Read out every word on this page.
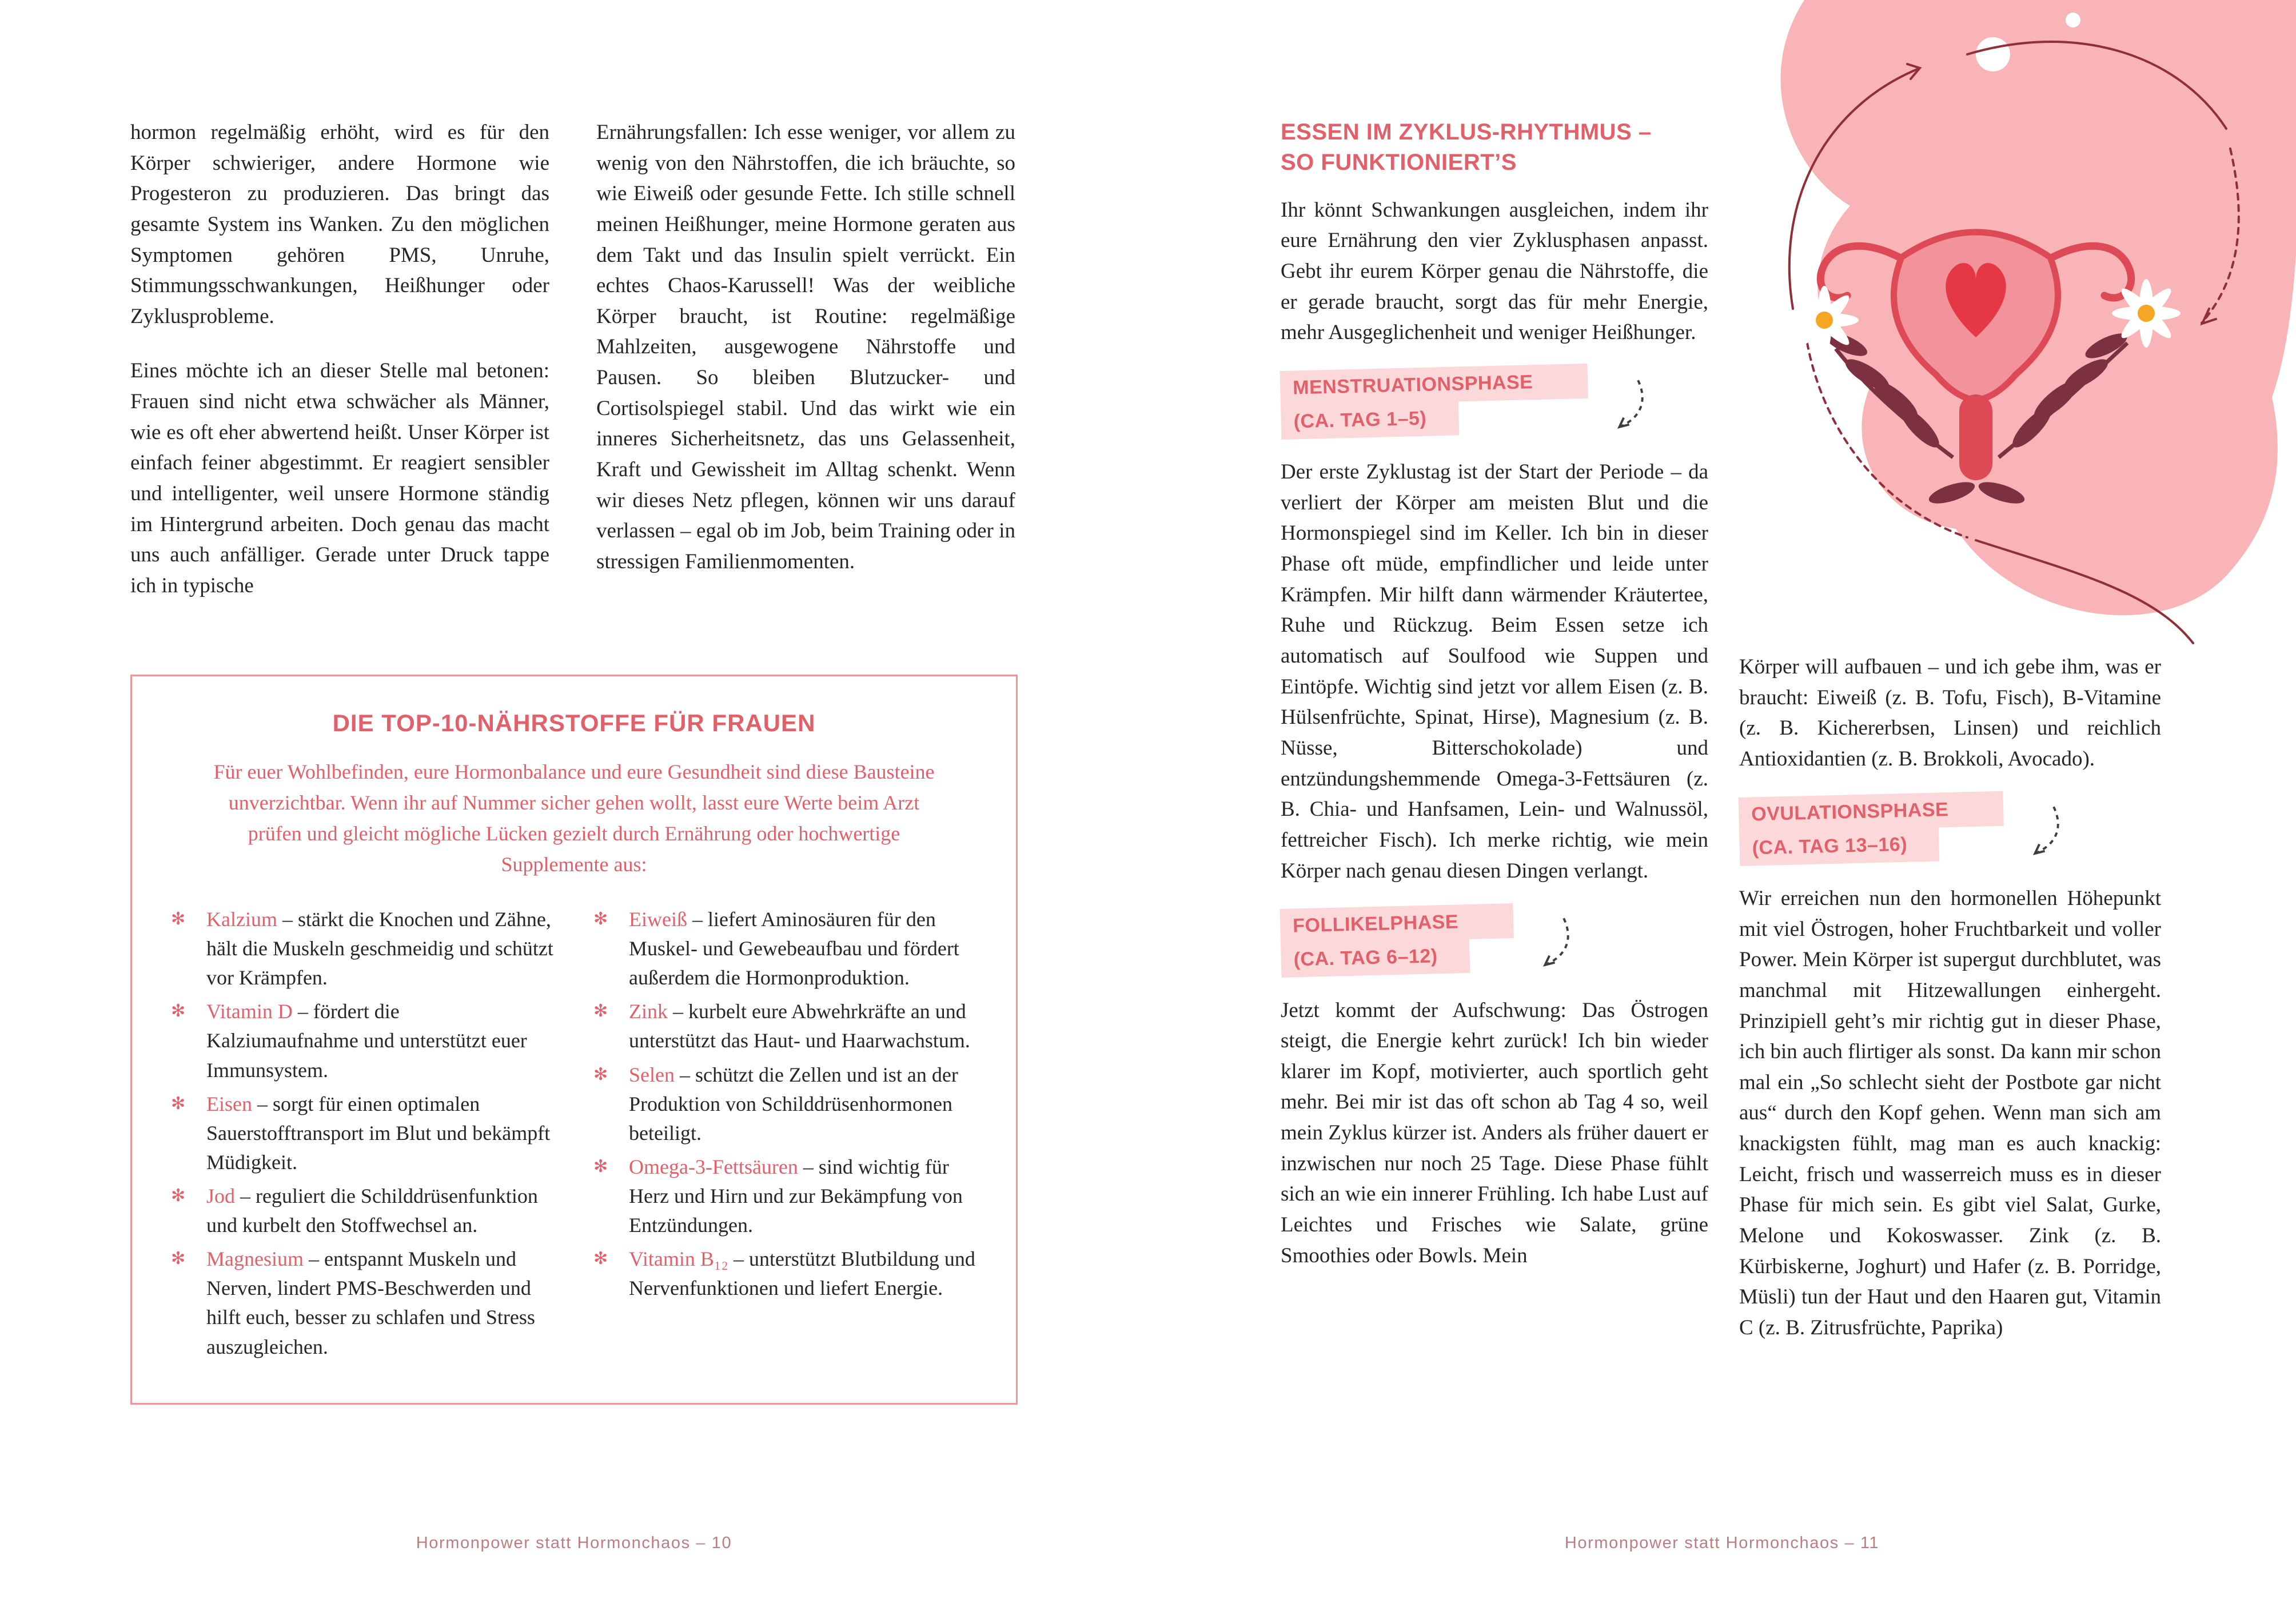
hormon regelmäßig erhöht, wird es für den Körper schwieriger, andere Hormone wie Progesteron zu produzieren. Das bringt das gesamte System ins Wanken. Zu den möglichen Symptomen gehören PMS, Unruhe, Stimmungsschwankungen, Heißhunger oder Zyklusprobleme.

Eines möchte ich an dieser Stelle mal betonen: Frauen sind nicht etwa schwächer als Männer, wie es oft eher abwertend heißt. Unser Körper ist einfach feiner abgestimmt. Er reagiert sensibler und intelligenter, weil unsere Hormone ständig im Hintergrund arbeiten. Doch genau das macht uns auch anfälliger. Gerade unter Druck tappe ich in typische

Ernährungsfallen: Ich esse weniger, vor allem zu wenig von den Nährstoffen, die ich bräuchte, so wie Eiweiß oder gesunde Fette. Ich stille schnell meinen Heißhunger, meine Hormone geraten aus dem Takt und das Insulin spielt verrückt. Ein echtes Chaos-Karussell! Was der weibliche Körper braucht, ist Routine: regelmäßige Mahlzeiten, ausgewogene Nährstoffe und Pausen. So bleiben Blutzucker- und Cortisolspiegel stabil. Und das wirkt wie ein inneres Sicherheitsnetz, das uns Gelassenheit, Kraft und Gewissheit im Alltag schenkt. Wenn wir dieses Netz pflegen, können wir uns darauf verlassen – egal ob im Job, beim Training oder in stressigen Familienmomenten.

DIE TOP-10-NÄHRSTOFFE FÜR FRAUEN

Für euer Wohlbefinden, eure Hormonbalance und eure Gesundheit sind diese Bausteine unverzichtbar. Wenn ihr auf Nummer sicher gehen wollt, lasst eure Werte beim Arzt prüfen und gleicht mögliche Lücken gezielt durch Ernährung oder hochwertige Supplemente aus:

✻ Kalzium – stärkt die Knochen und Zähne, hält die Muskeln geschmeidig und schützt vor Krämpfen.
✻ Vitamin D – fördert die Kalziumaufnahme und unterstützt euer Immunsystem.
✻ Eisen – sorgt für einen optimalen Sauerstofftransport im Blut und bekämpft Müdigkeit.
✻ Jod – reguliert die Schilddrüsenfunktion und kurbelt den Stoffwechsel an.
✻ Magnesium – entspannt Muskeln und Nerven, lindert PMS-Beschwerden und hilft euch, besser zu schlafen und Stress auszugleichen.
✻ Eiweiß – liefert Aminosäuren für den Muskel- und Gewebeaufbau und fördert außerdem die Hormonproduktion.
✻ Zink – kurbelt eure Abwehrkräfte an und unterstützt das Haut- und Haarwachstum.
✻ Selen – schützt die Zellen und ist an der Produktion von Schilddrüsenhormonen beteiligt.
✻ Omega-3-Fettsäuren – sind wichtig für Herz und Hirn und zur Bekämpfung von Entzündungen.
✻ Vitamin B₁₂ – unterstützt Blutbildung und Nervenfunktionen und liefert Energie.
Hormonpower statt Hormonchaos – 10
ESSEN IM ZYKLUS-RHYTHMUS –
SO FUNKTIONIERT’S

Ihr könnt Schwankungen ausgleichen, indem ihr eure Ernährung den vier Zyklusphasen anpasst. Gebt ihr eurem Körper genau die Nährstoffe, die er gerade braucht, sorgt das für mehr Energie, mehr Ausgeglichenheit und weniger Heißhunger.

MENSTRUATIONSPHASE
(CA. TAG 1–5)

Der erste Zyklustag ist der Start der Periode – da verliert der Körper am meisten Blut und die Hormonspiegel sind im Keller. Ich bin in dieser Phase oft müde, empfindlicher und leide unter Krämpfen. Mir hilft dann wärmender Kräutertee, Ruhe und Rückzug. Beim Essen setze ich automatisch auf Soulfood wie Suppen und Eintöpfe. Wichtig sind jetzt vor allem Eisen (z. B. Hülsenfrüchte, Spinat, Hirse), Magnesium (z. B. Nüsse, Bitterschokolade) und entzündungshemmende Omega-3-Fettsäuren (z. B. Chia- und Hanfsamen, Lein- und Walnussöl, fettreicher Fisch). Ich merke richtig, wie mein Körper nach genau diesen Dingen verlangt.

FOLLIKELPHASE
(CA. TAG 6–12)

Jetzt kommt der Aufschwung: Das Östrogen steigt, die Energie kehrt zurück! Ich bin wieder klarer im Kopf, motivierter, auch sportlich geht mehr. Bei mir ist das oft schon ab Tag 4 so, weil mein Zyklus kürzer ist. Anders als früher dauert er inzwischen nur noch 25 Tage. Diese Phase fühlt sich an wie ein innerer Frühling. Ich habe Lust auf Leichtes und Frisches wie Salate, grüne Smoothies oder Bowls. Mein

Körper will aufbauen – und ich gebe ihm, was er braucht: Eiweiß (z. B. Tofu, Fisch), B-Vitamine (z. B. Kichererbsen, Linsen) und reichlich Antioxidantien (z. B. Brokkoli, Avocado).

OVULATIONSPHASE
(CA. TAG 13–16)

Wir erreichen nun den hormonellen Höhepunkt mit viel Östrogen, hoher Fruchtbarkeit und voller Power. Mein Körper ist supergut durchblutet, was manchmal mit Hitzewallungen einhergeht. Prinzipiell geht’s mir richtig gut in dieser Phase, ich bin auch flirtiger als sonst. Da kann mir schon mal ein „So schlecht sieht der Postbote gar nicht aus“ durch den Kopf gehen. Wenn man sich am knackigsten fühlt, mag man es auch knackig: Leicht, frisch und wasserreich muss es in dieser Phase für mich sein. Es gibt viel Salat, Gurke, Melone und Kokoswasser. Zink (z. B. Kürbiskerne, Joghurt) und Hafer (z. B. Porridge, Müsli) tun der Haut und den Haaren gut, Vitamin C (z. B. Zitrusfrüchte, Paprika)

Hormonpower statt Hormonchaos – 11
